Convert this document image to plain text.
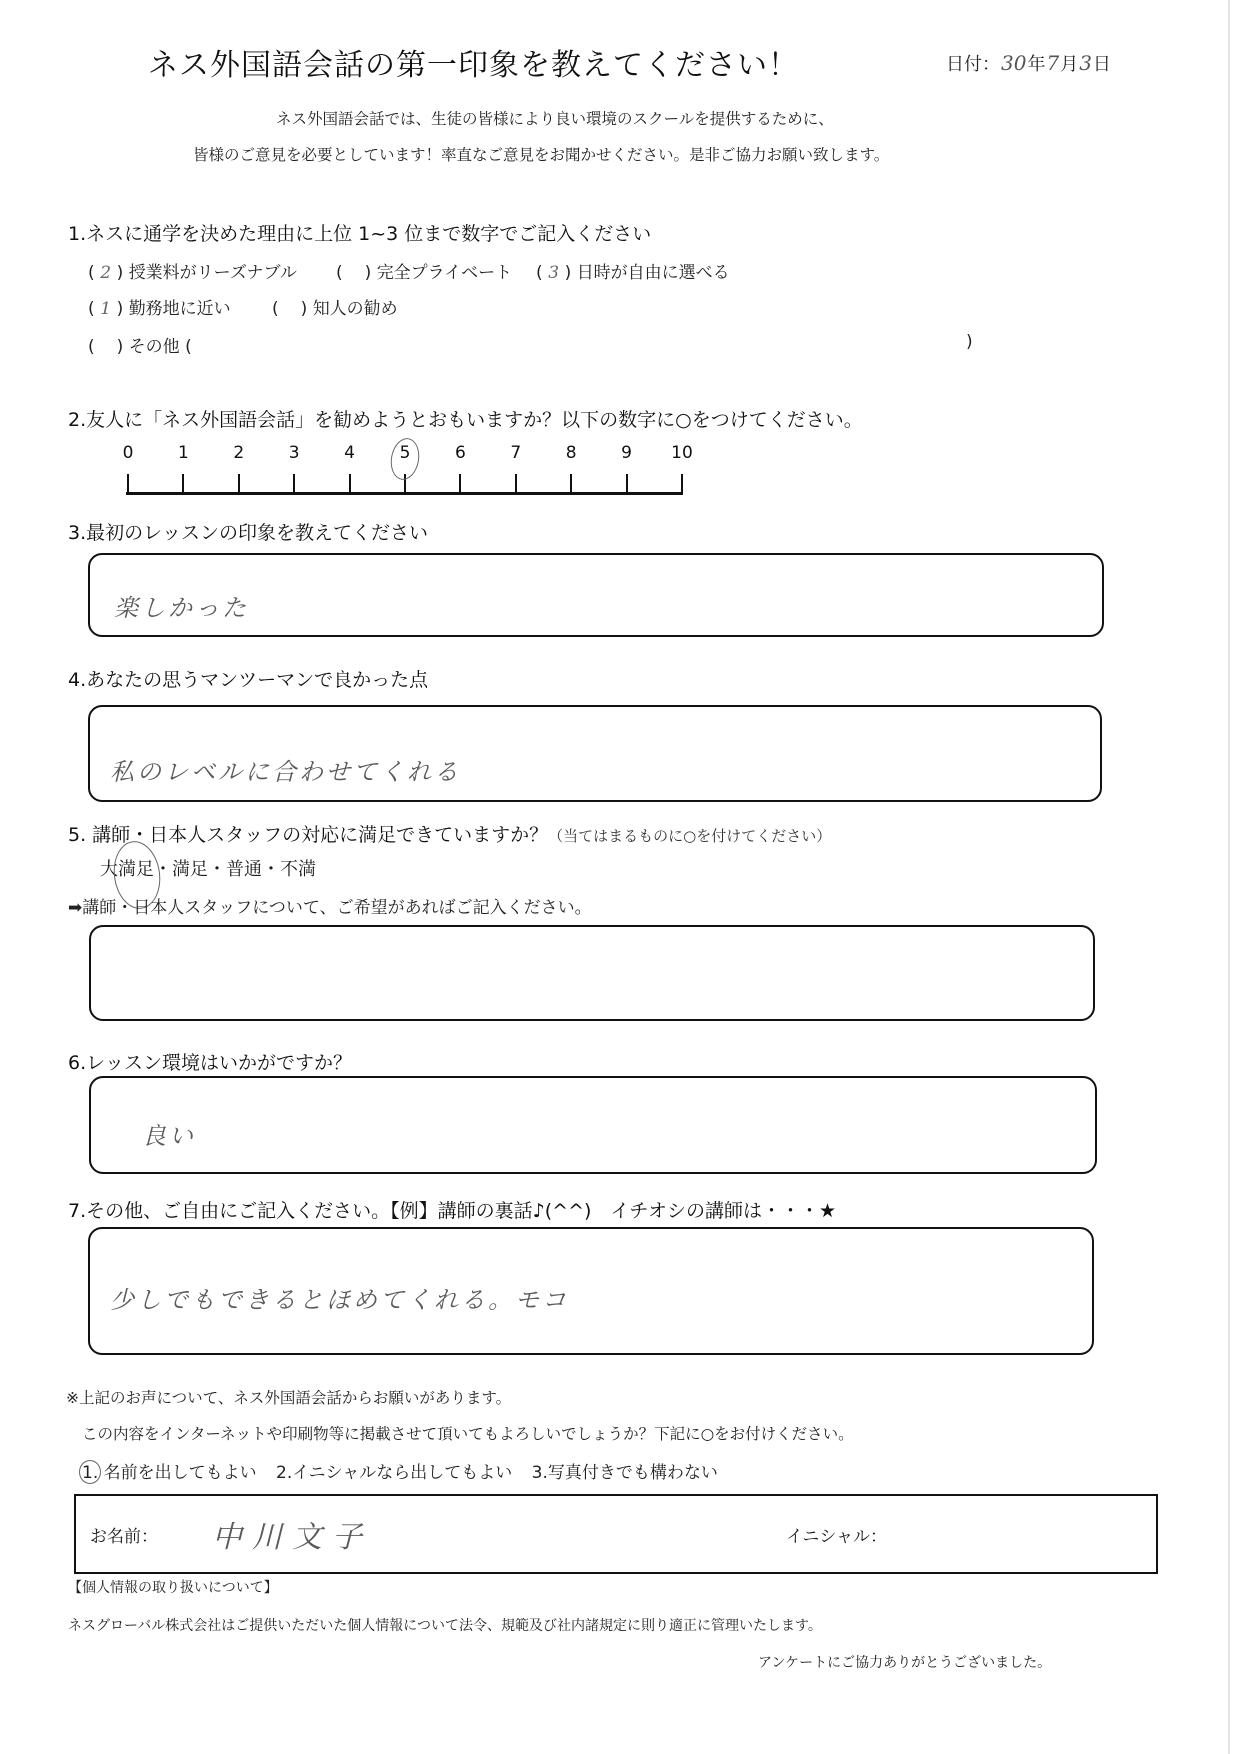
ネス外国語会話の第一印象を教えてください！	日付：30年7月3日
ネス外国語会話では、生徒の皆様により良い環境のスクールを提供するために、
皆様のご意見を必要としています！率直なご意見をお聞かせください。是非ご協力お願い致します。
1.ネスに通学を決めた理由に上位 1~3 位まで数字でご記入ください
( 2 ) 授業料がリーズナブル ( ) 完全プライベート ( 3 ) 日時が自由に選べる
( 1 ) 勤務地に近い ( ) 知人の勧め
( ) その他 (	)
2.友人に「ネス外国語会話」を勧めようとおもいますか？以下の数字に○をつけてください。
0	1	2	3	4	5	6	7	8	9 10
3.最初のレッスンの印象を教えてください
楽しかった
4.あなたの思うマンツーマンで良かった点
私のレベルに合わせてくれる
5. 講師・日本人スタッフの対応に満足できていますか？（当てはまるものに○を付けてください）
大満足
・満足・普通・不満
➡講師・日本人スタッフについて、ご希望があればご記入ください。
6.レッスン環境はいかがですか？
良い
7.その他、ご自由にご記入ください。【例】講師の裏話♪(^^)　イチオシの講師は・・・★
少しでもできるとほめてくれる。モコ
※上記のお声について、ネス外国語会話からお願いがあります。
この内容をインターネットや印刷物等に掲載させて頂いてもよろしいでしょうか？下記に○をお付けください。
1. 名前を出してもよい 2.イニシャルなら出してもよい 3.写真付きでも構わない
お名前： 中川文子	イニシャル：
【個人情報の取り扱いについて】
ネスグローバル株式会社はご提供いただいた個人情報について法令、規範及び社内諸規定に則り適正に管理いたします。
アンケートにご協力ありがとうございました。
